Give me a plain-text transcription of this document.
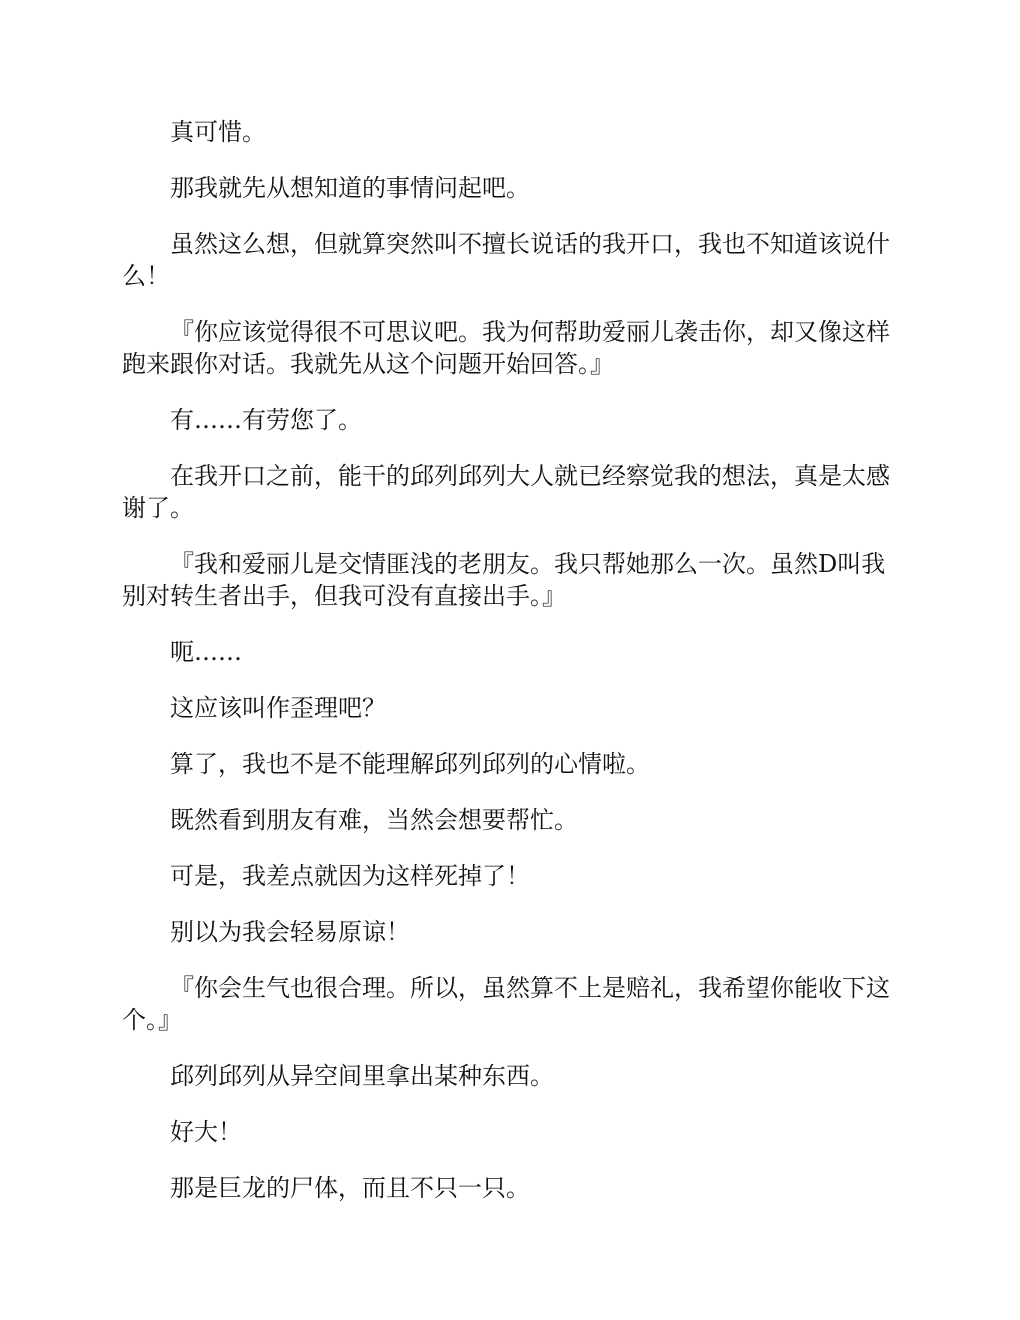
真可惜。

那我就先从想知道的事情问起吧。

虽然这么想，但就算突然叫不擅长说话的我开口，我也不知道该说什么！

『你应该觉得很不可思议吧。我为何帮助爱丽儿袭击你，却又像这样跑来跟你对话。我就先从这个问题开始回答。』

有……有劳您了。

在我开口之前，能干的邱列邱列大人就已经察觉我的想法，真是太感谢了。

『我和爱丽儿是交情匪浅的老朋友。我只帮她那么一次。虽然D叫我别对转生者出手，但我可没有直接出手。』

呃……

这应该叫作歪理吧？

算了，我也不是不能理解邱列邱列的心情啦。

既然看到朋友有难，当然会想要帮忙。

可是，我差点就因为这样死掉了！

别以为我会轻易原谅！

『你会生气也很合理。所以，虽然算不上是赔礼，我希望你能收下这个。』

邱列邱列从异空间里拿出某种东西。

好大！

那是巨龙的尸体，而且不只一只。
